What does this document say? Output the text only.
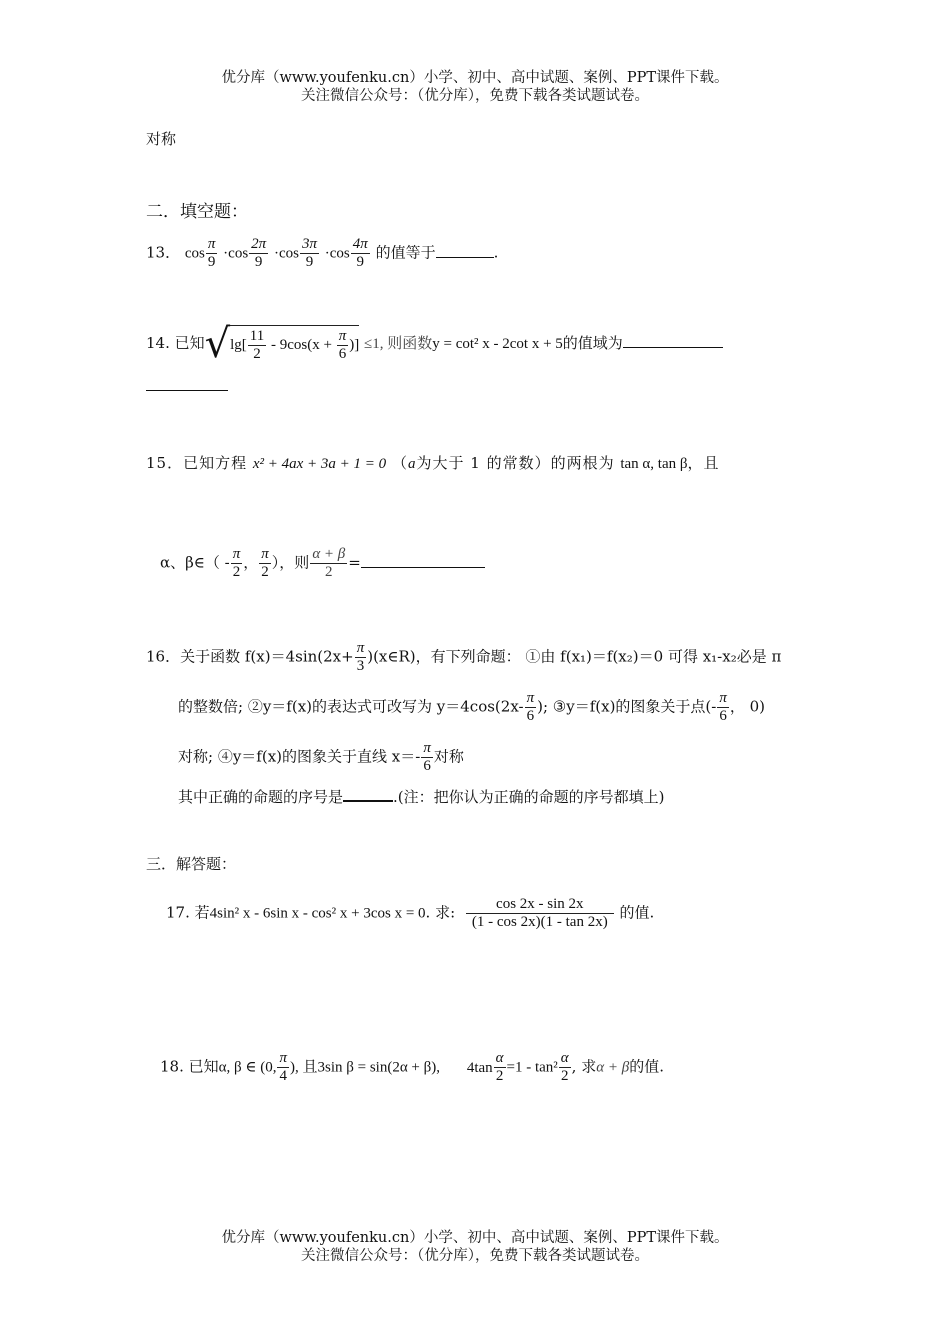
优分库（www.youfenku.cn）小学、初中、高中试题、案例、PPT课件下载。
关注微信公众号：（优分库），免费下载各类试题试卷。
对称
二．填空题：
13． $\cos \frac{\pi}{9} \cdot\cos \frac{2\pi}{9} \cdot\cos \frac{3\pi}{9} \cdot\cos \frac{4\pi}{9}$ 的值等于	.
14. 已知$√\lg[ \frac{11}{2} - 9\cos(x + \frac{\pi}{6}$ )] ≤1, 则函数y = cot² x - 2cot x + 5的值域为
15．已知方程 x² + 4ax + 3a + 1 = 0 （a为大于 1 的常数）的两根为 tan α, tan β，且
α、β∈（ - $\frac{\pi}{2}$ ， $\frac{\pi}{2}$ ），则 $\frac{\alpha + \beta}{2}$ =
16．关于函数 $f(x)=4\sin(2x+ \frac{\pi}{3}$ )(x∈R)，有下列命题： ①由 f(x₁)＝f(x₂)＝0 可得 x₁-x₂必是 π
的整数倍; ②y＝f(x)的表达式可改写为 $y=4\cos(2x- \frac{\pi}{6}$ ); ③y＝f(x)的图象关于点(- $\frac{\pi}{6}$ ， 0)
对称; ④y＝f(x)的图象关于直线 $x=- \frac{\pi}{6}$ 对称
其中正确的命题的序号是	.(注：把你认为正确的命题的序号都填上)
三．解答题：
17. 若4sin² x - 6sin x - cos² x + 3cos x = 0. 求: $\frac{\cos 2x - \sin 2x}{(1 - \cos 2x)(1 - \tan 2x)}$ 的值.
18. 已知α, β ∈ (0, $\frac{\pi}{4}$ ), 且3sin β = sin(2α + β), $4\tan \frac{\alpha}{2} =1 - \tan^2 \frac{\alpha}{2}$ , 求α + β的值.
优分库（www.youfenku.cn）小学、初中、高中试题、案例、PPT课件下载。
关注微信公众号：（优分库），免费下载各类试题试卷。
